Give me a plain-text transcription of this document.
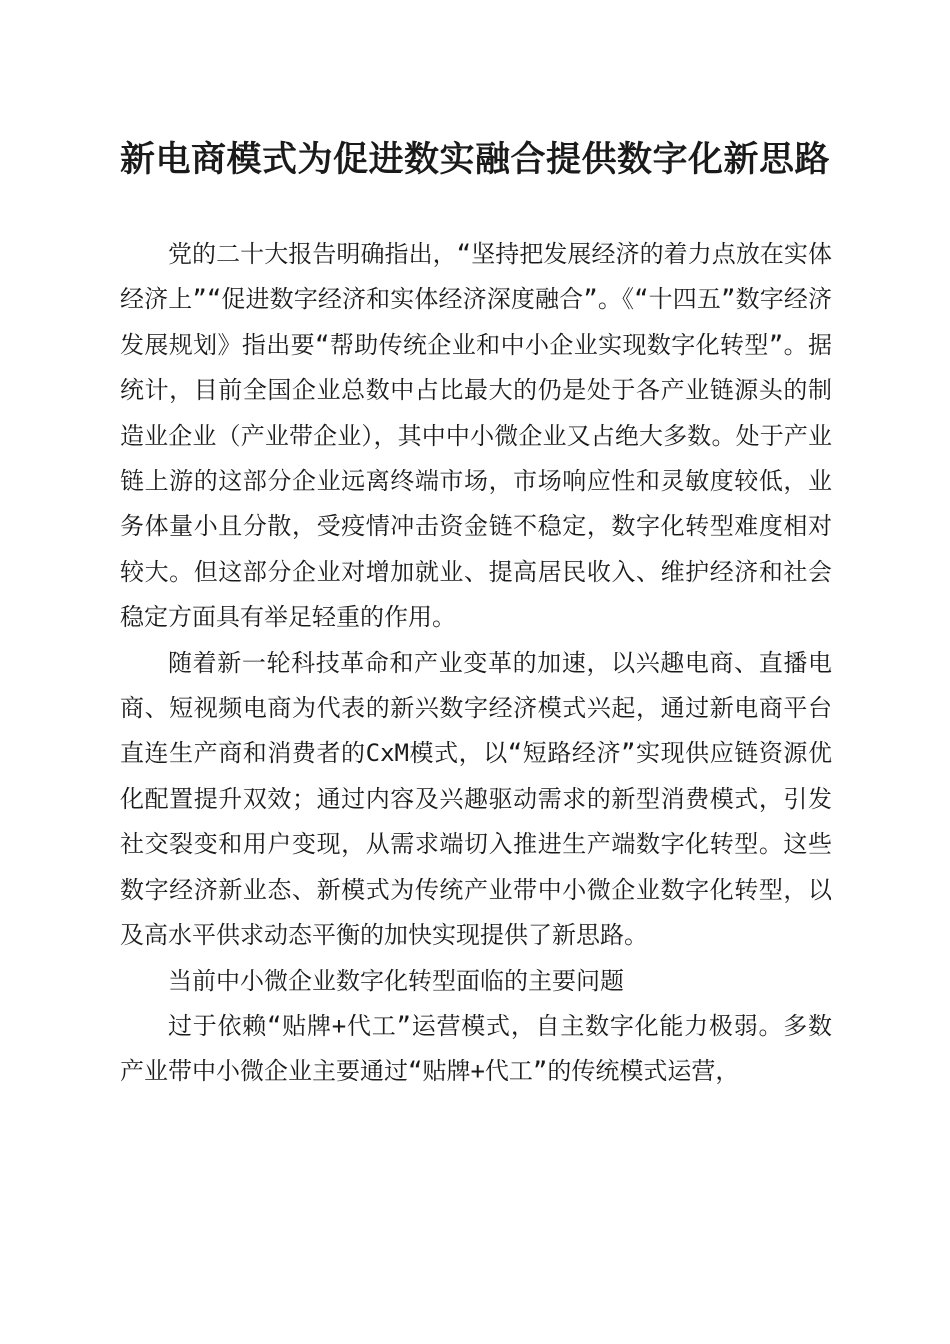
新电商模式为促进数实融合提供数字化新思路

党的二十大报告明确指出，“坚持把发展经济的着力点放在实体经济上”“促进数字经济和实体经济深度融合”。《“十四五”数字经济发展规划》指出要“帮助传统企业和中小企业实现数字化转型”。据统计，目前全国企业总数中占比最大的仍是处于各产业链源头的制造业企业（产业带企业），其中中小微企业又占绝大多数。处于产业链上游的这部分企业远离终端市场，市场响应性和灵敏度较低，业务体量小且分散，受疫情冲击资金链不稳定，数字化转型难度相对较大。但这部分企业对增加就业、提高居民收入、维护经济和社会稳定方面具有举足轻重的作用。

随着新一轮科技革命和产业变革的加速，以兴趣电商、直播电商、短视频电商为代表的新兴数字经济模式兴起，通过新电商平台直连生产商和消费者的CxM模式，以“短路经济”实现供应链资源优化配置提升双效；通过内容及兴趣驱动需求的新型消费模式，引发社交裂变和用户变现，从需求端切入推进生产端数字化转型。这些数字经济新业态、新模式为传统产业带中小微企业数字化转型，以及高水平供求动态平衡的加快实现提供了新思路。

当前中小微企业数字化转型面临的主要问题

过于依赖“贴牌+代工”运营模式，自主数字化能力极弱。多数产业带中小微企业主要通过“贴牌+代工”的传统模式运营，
